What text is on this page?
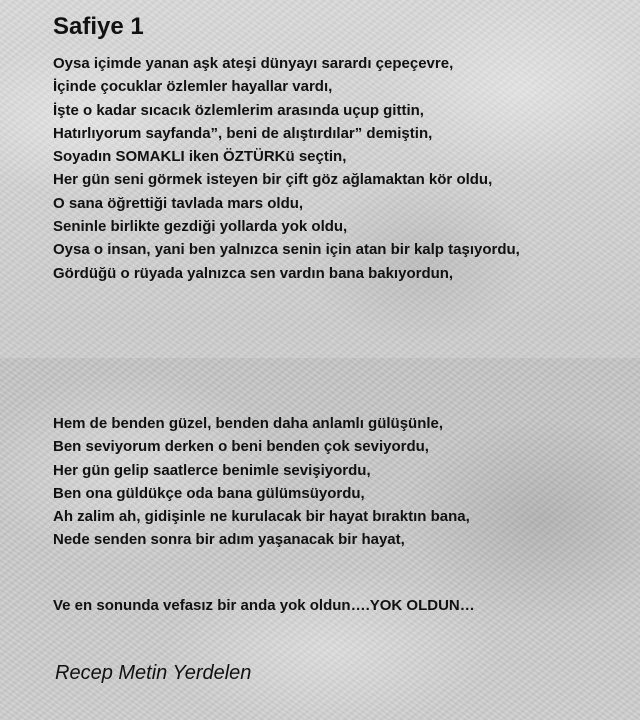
Safiye 1
Oysa içimde yanan aşk ateşi dünyayı sarardı çepeçevre,
İçinde çocuklar özlemler hayallar vardı,
İşte o kadar sıcacık özlemlerim arasında uçup gittin,
Hatırlıyorum sayfanda”, beni de alıştırdılar” demiştin,
Soyadın SOMAKLI iken ÖZTÜRKü seçtin,
Her gün seni görmek isteyen bir çift göz ağlamaktan kör oldu,
O sana öğrettiği tavlada mars oldu,
Seninle birlikte gezdiği yollarda yok oldu,
Oysa o insan, yani ben yalnızca senin için atan bir kalp taşıyordu,
Gördüğü o rüyada yalnızca sen vardın bana bakıyordun,
Hem de benden güzel, benden daha anlamlı gülüşünle,
Ben seviyorum derken o beni benden çok seviyordu,
Her gün gelip saatlerce benimle sevişiyordu,
Ben ona güldükçe oda bana gülümsüyordu,
Ah zalim ah, gidişinle ne kurulacak bir hayat bıraktın bana,
Nede senden sonra bir adım yaşanacak bir hayat,
Ve en sonunda vefasız bir anda yok oldun….YOK OLDUN…

Recep Metin Yerdelen
